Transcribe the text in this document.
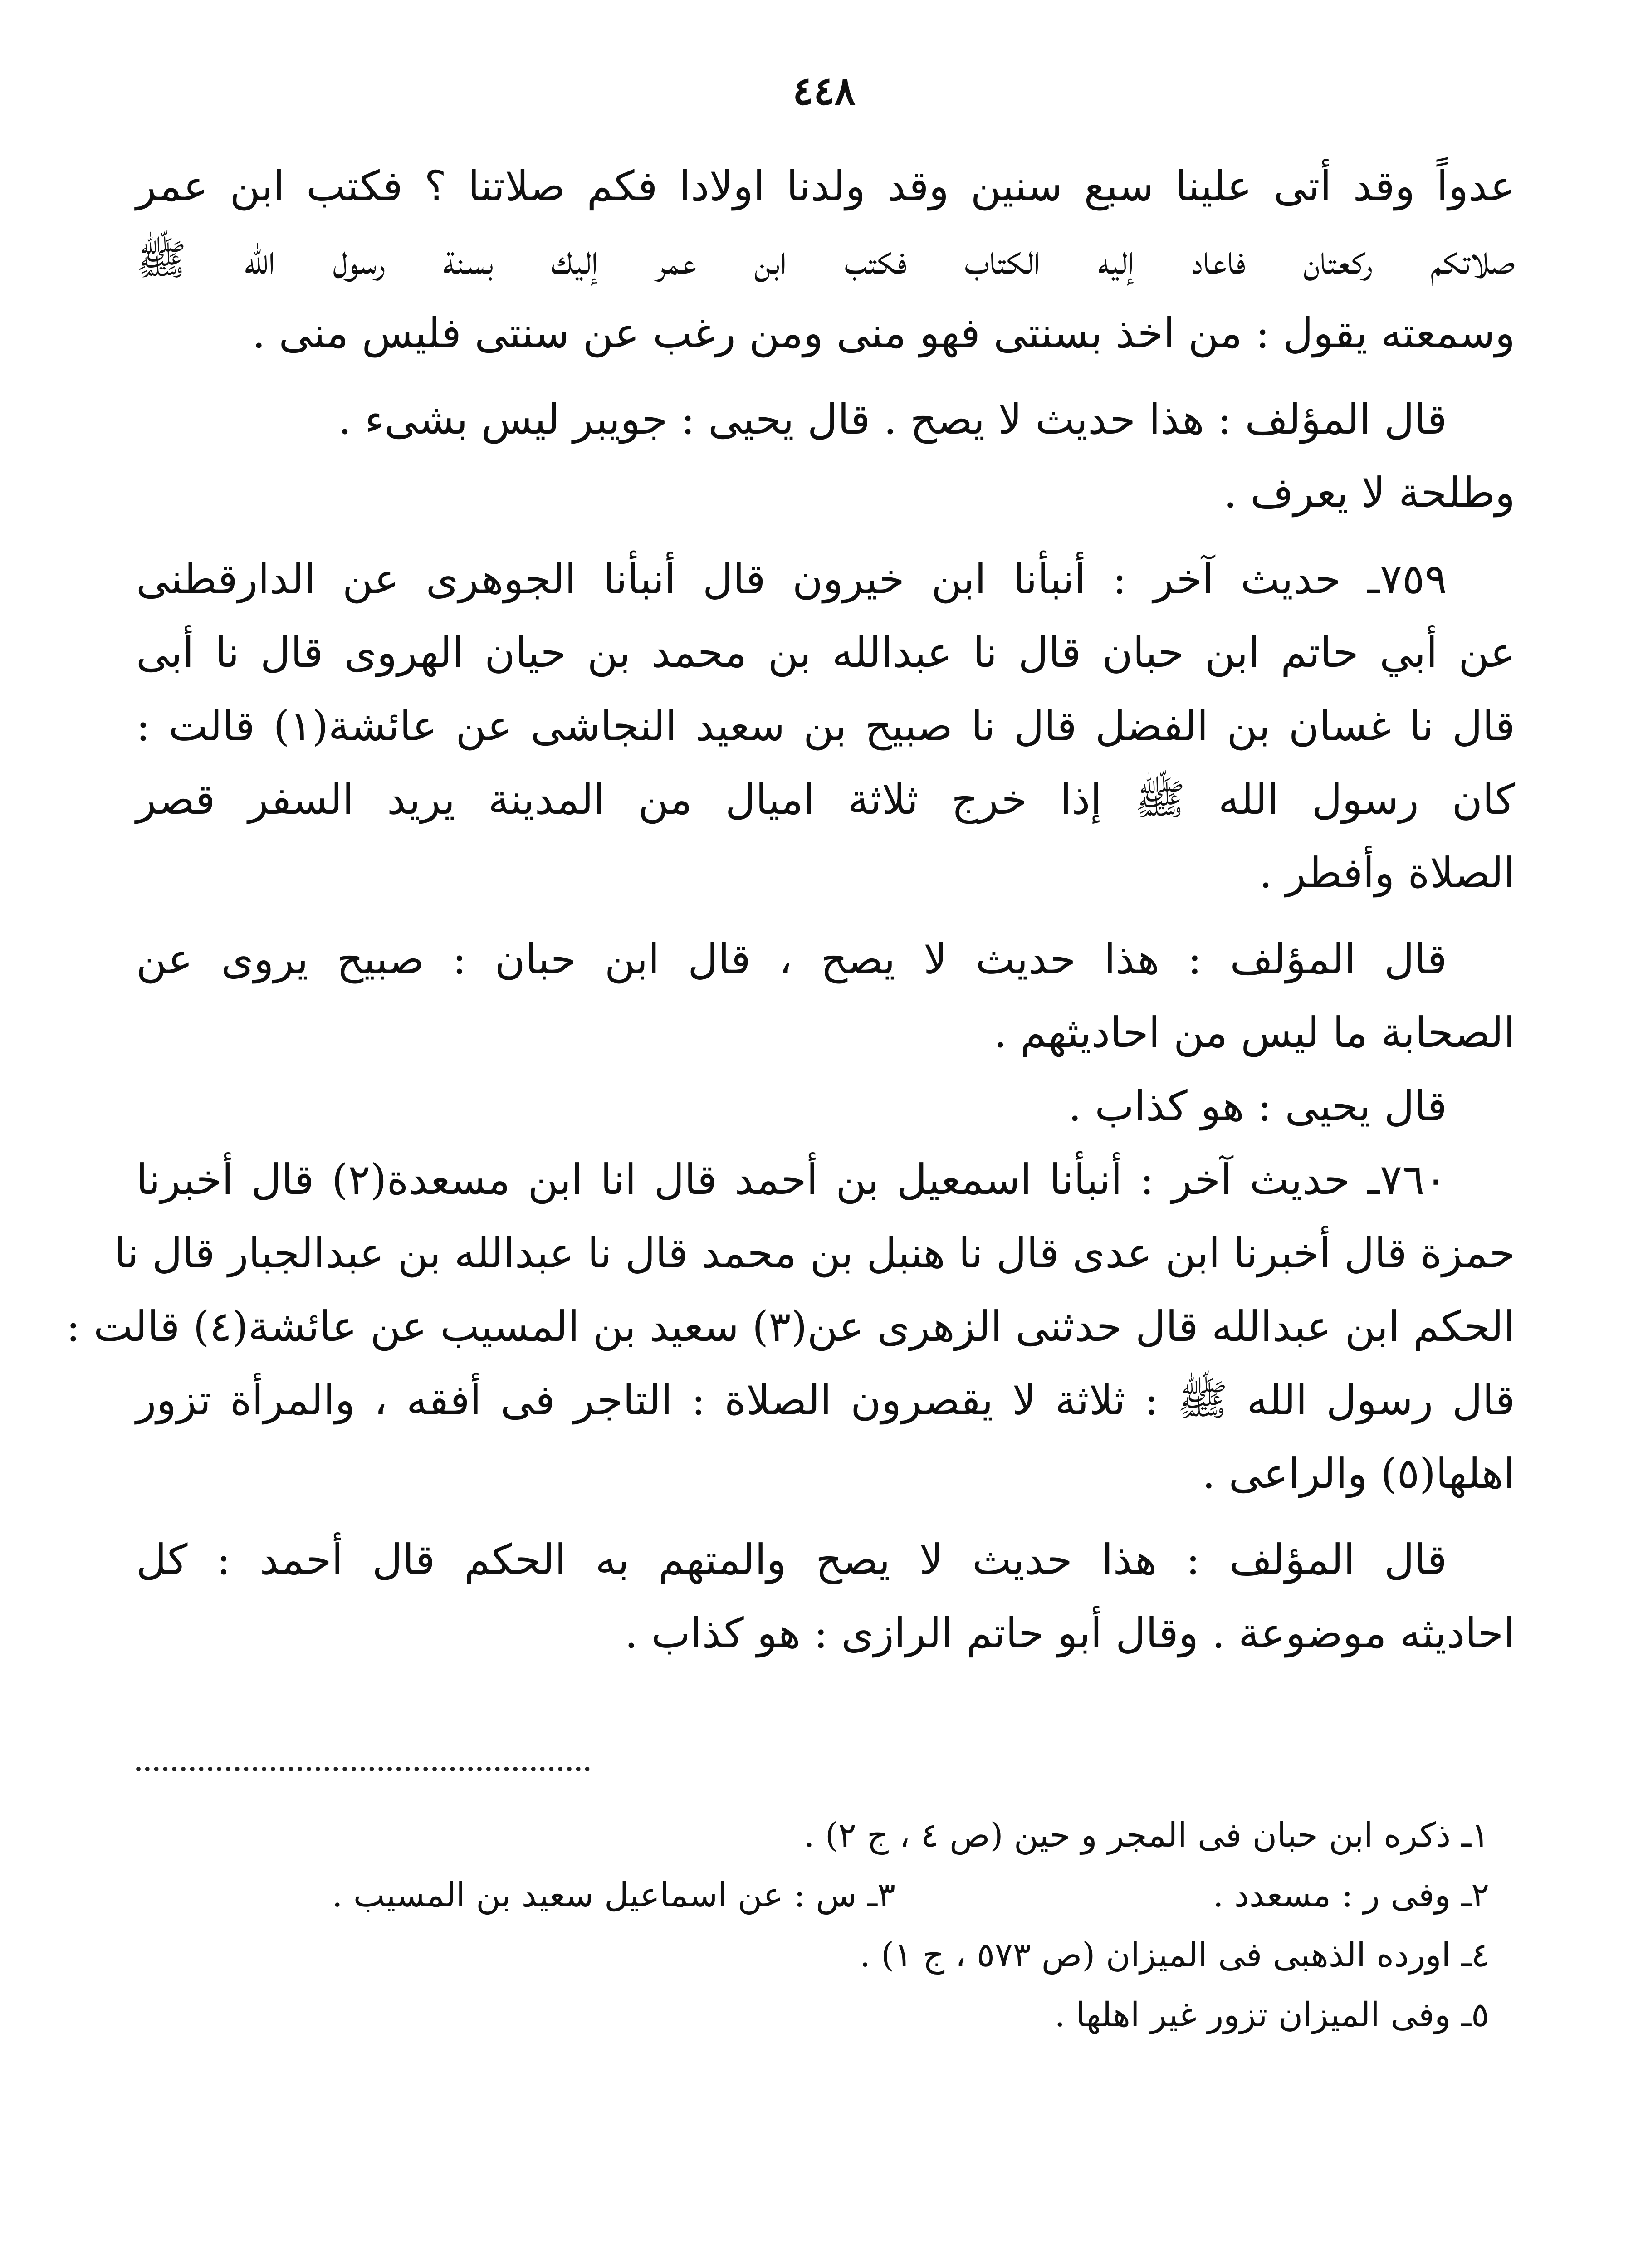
٤٤٨
عدواً وقد أتى علينا سبع سنين وقد ولدنا اولادا فكم صلاتنا ؟ فكتب ابن عمر
صلاتكم ركعتان فاعاد إليه الكتاب فكتب ابن عمر إليك بسنة رسول الله ﷺ
وسمعته يقول : من اخذ بسنتى فهو منى ومن رغب عن سنتى فليس منى .
قال المؤلف : هذا حديث لا يصح . قال يحيى : جويبر ليس بشىء .
وطلحة لا يعرف .
٧٥٩ـ حديث آخر : أنبأنا ابن خيرون قال أنبأنا الجوهرى عن الدارقطنى
عن أبي حاتم ابن حبان قال نا عبدالله بن محمد بن حيان الهروى قال نا أبى
قال نا غسان بن الفضل قال نا صبيح بن سعيد النجاشى عن عائشة(١) قالت :
كان رسول الله ﷺ إذا خرج ثلاثة اميال من المدينة يريد السفر قصر
الصلاة وأفطر .
قال المؤلف : هذا حديث لا يصح ، قال ابن حبان : صبيح يروى عن
الصحابة ما ليس من احاديثهم .
قال يحيى : هو كذاب .
٧٦٠ـ حديث آخر : أنبأنا اسمعيل بن أحمد قال انا ابن مسعدة(٢) قال أخبرنا
حمزة قال أخبرنا ابن عدى قال نا هنبل بن محمد قال نا عبدالله بن عبدالجبار قال نا
الحكم ابن عبدالله قال حدثنى الزهرى عن(٣) سعيد بن المسيب عن عائشة(٤) قالت :
قال رسول الله ﷺ : ثلاثة لا يقصرون الصلاة : التاجر فى أفقه ، والمرأة تزور
اهلها(٥) والراعى .
قال المؤلف : هذا حديث لا يصح والمتهم به الحكم قال أحمد : كل
احاديثه موضوعة . وقال أبو حاتم الرازى : هو كذاب .
١ـ ذكره ابن حبان فى المجر و حين (ص ٤ ، ج ٢) .
٢ـ وفى ر : مسعدد .
٣ـ س : عن اسماعيل سعيد بن المسيب .
٤ـ اورده الذهبى فى الميزان (ص ٥٧٣ ، ج ١) .
٥ـ وفى الميزان تزور غير اهلها .
